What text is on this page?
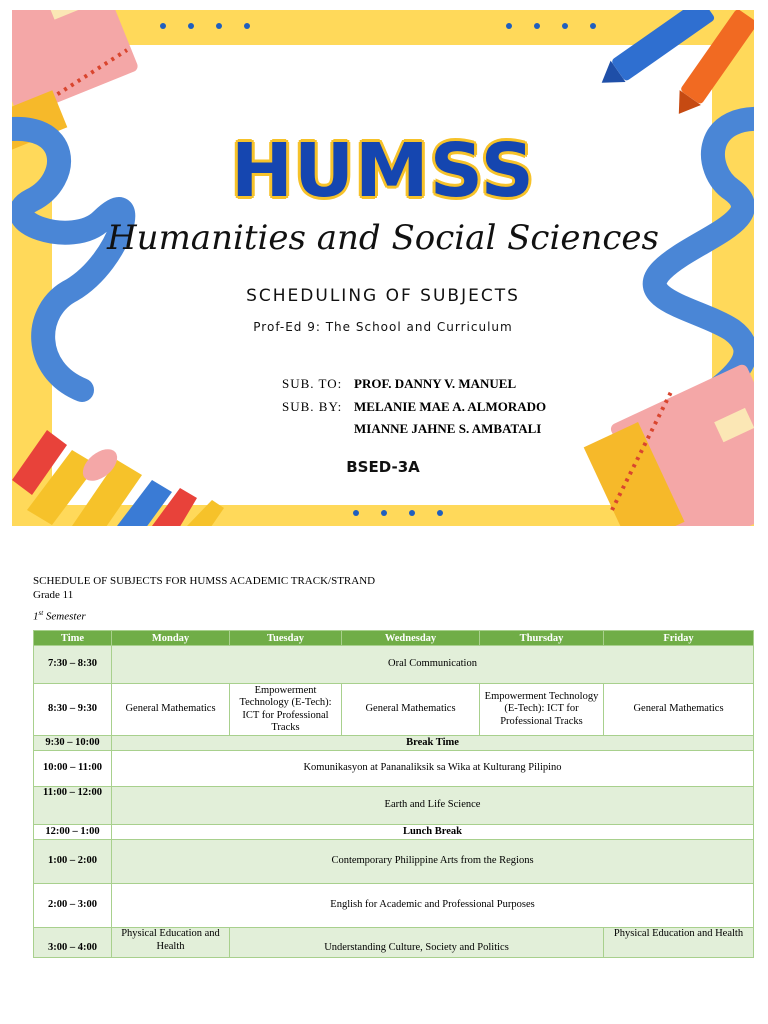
HUMSS
Humanities and Social Sciences
SCHEDULING OF SUBJECTS
Prof-Ed 9: The School and Curriculum
SUB. TO: PROF. DANNY V. MANUEL
SUB. BY: MELANIE MAE A. ALMORADO
MIANNE JAHNE S. AMBATALI
BSED-3A
SCHEDULE OF SUBJECTS FOR HUMSS ACADEMIC TRACK/STRAND
Grade 11
1st Semester
Time	Monday	Tuesday	Wednesday	Thursday	Friday
7:30 – 8:30	Oral Communication				
8:30 – 9:30	General Mathematics	Empowerment Technology (E-Tech): ICT for Professional Tracks	General Mathematics	Empowerment Technology (E-Tech): ICT for Professional Tracks	General Mathematics
9:30 – 10:00	Break Time				
10:00 – 11:00	Komunikasyon at Pananaliksik sa Wika at Kulturang Pilipino				
11:00 – 12:00	Earth and Life Science				
12:00 – 1:00	Lunch Break				
1:00 – 2:00	Contemporary Philippine Arts from the Regions				
2:00 – 3:00	English for Academic and Professional Purposes				
3:00 – 4:00	Physical Education and Health	Understanding Culture, Society and Politics			Physical Education and Health
